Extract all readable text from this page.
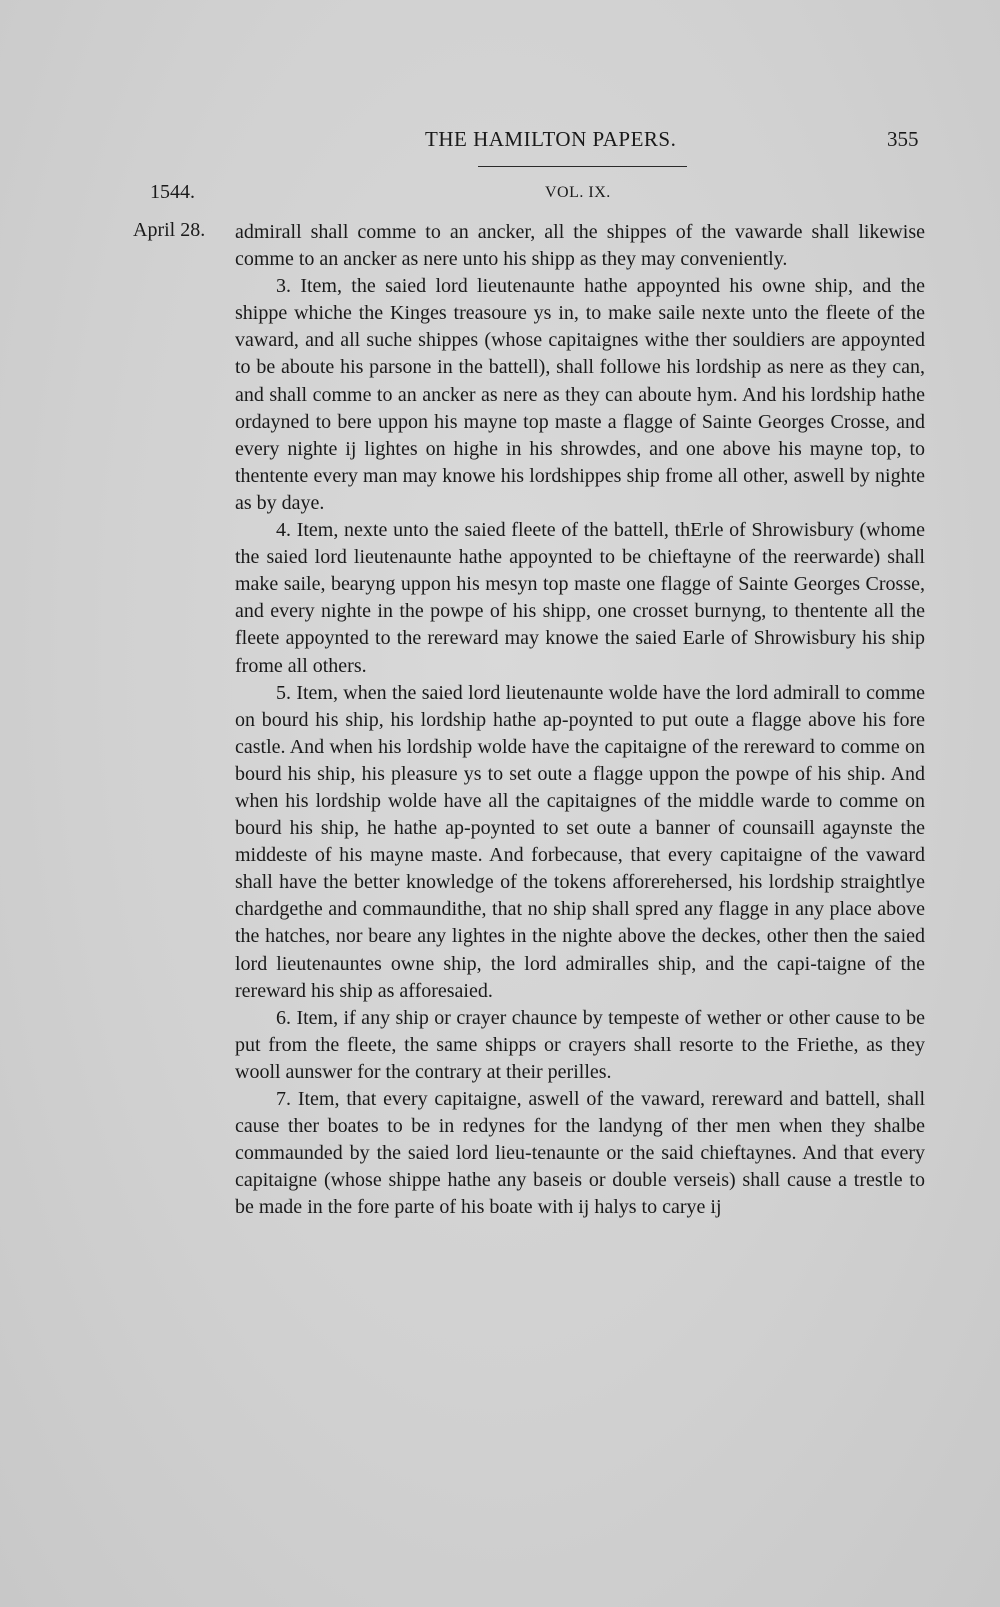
THE HAMILTON PAPERS.	355
1544.	VOL. IX.
April 28. admirall shall comme to an ancker, all the shippes of the vawarde shall likewise comme to an ancker as nere unto his shipp as they may conveniently.

3. Item, the saied lord lieutenaunte hathe appoynted his owne ship, and the shippe whiche the Kinges treasoure ys in, to make saile nexte unto the fleete of the vaward, and all suche shippes (whose capitaignes withe ther souldiers are appoynted to be aboute his parsone in the battell), shall followe his lordship as nere as they can, and shall comme to an ancker as nere as they can aboute hym. And his lordship hathe ordayned to bere uppon his mayne top maste a flagge of Sainte Georges Crosse, and every nighte ij lightes on highe in his shrowdes, and one above his mayne top, to thentente every man may knowe his lordshippes ship frome all other, aswell by nighte as by daye.

4. Item, nexte unto the saied fleete of the battell, thErle of Shrowisbury (whome the saied lord lieutenaunte hathe appoynted to be chieftayne of the reerwarde) shall make saile, bearyng uppon his mesyn top maste one flagge of Sainte Georges Crosse, and every nighte in the powpe of his shipp, one crosset burnyng, to thentente all the fleete appoynted to the rereward may knowe the saied Earle of Shrowisbury his ship frome all others.

5. Item, when the saied lord lieutenaunte wolde have the lord admirall to comme on bourd his ship, his lordship hathe ap-poynted to put oute a flagge above his fore castle. And when his lordship wolde have the capitaigne of the rereward to comme on bourd his ship, his pleasure ys to set oute a flagge uppon the powpe of his ship. And when his lordship wolde have all the capitaignes of the middle warde to comme on bourd his ship, he hathe ap-poynted to set oute a banner of counsaill agaynste the middeste of his mayne maste. And forbecause, that every capitaigne of the vaward shall have the better knowledge of the tokens afforerehersed, his lordship straightlye chardgethe and commaundithe, that no ship shall spred any flagge in any place above the hatches, nor beare any lightes in the nighte above the deckes, other then the saied lord lieutenauntes owne ship, the lord admiralles ship, and the capi-taigne of the rereward his ship as afforesaied.

6. Item, if any ship or crayer chaunce by tempeste of wether or other cause to be put from the fleete, the same shipps or crayers shall resorte to the Friethe, as they wooll aunswer for the contrary at their perilles.

7. Item, that every capitaigne, aswell of the vaward, rereward and battell, shall cause ther boates to be in redynes for the landyng of ther men when they shalbe commaunded by the saied lord lieu-tenaunte or the said chieftaynes. And that every capitaigne (whose shippe hathe any baseis or double verseis) shall cause a trestle to be made in the fore parte of his boate with ij halys to carye ij
